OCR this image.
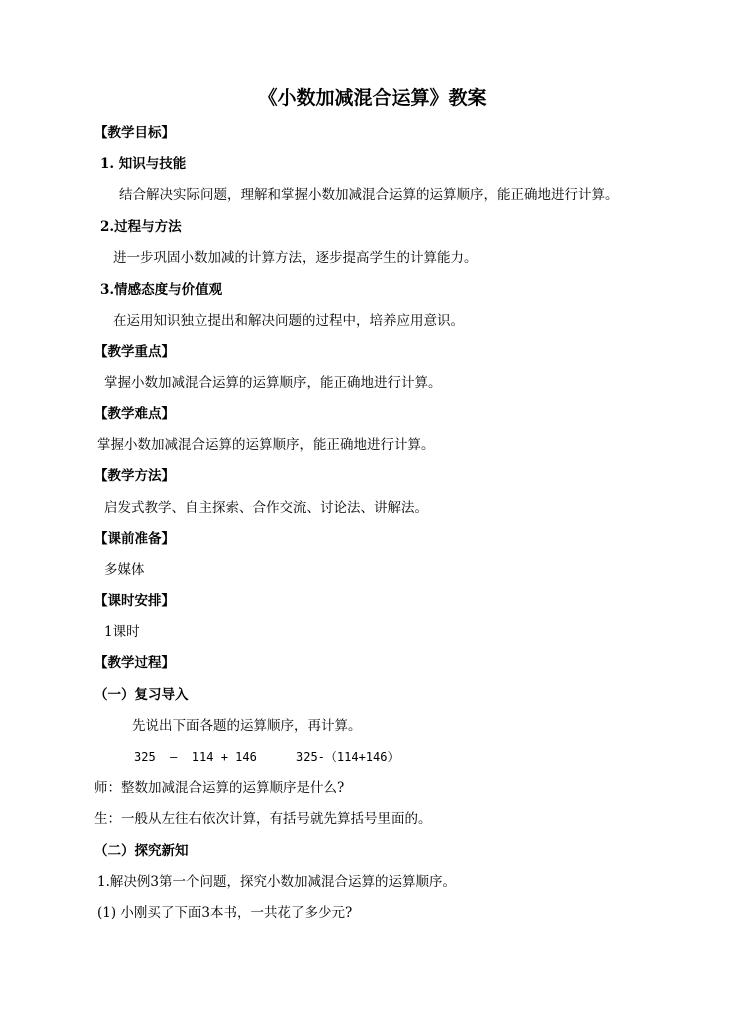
《小数加减混合运算》教案
【教学目标】
1. 知识与技能
结合解决实际问题，理解和掌握小数加减混合运算的运算顺序，能正确地进行计算。
2.过程与方法
进一步巩固小数加减的计算方法，逐步提高学生的计算能力。
3.情感态度与价值观
在运用知识独立提出和解决问题的过程中，培养应用意识。
【教学重点】
掌握小数加减混合运算的运算顺序，能正确地进行计算。
【教学难点】
掌握小数加减混合运算的运算顺序，能正确地进行计算。
【教学方法】
启发式教学、自主探索、合作交流、讨论法、讲解法。
【课前准备】
多媒体
【课时安排】
1课时
【教学过程】
（一）复习导入
先说出下面各题的运算顺序，再计算。
325  –  114 + 146	325-（114+146）
师：整数加减混合运算的运算顺序是什么?
生：一般从左往右依次计算，有括号就先算括号里面的。
（二）探究新知
1.解决例3第一个问题，探究小数加减混合运算的运算顺序。
(1) 小刚买了下面3本书，一共花了多少元?
